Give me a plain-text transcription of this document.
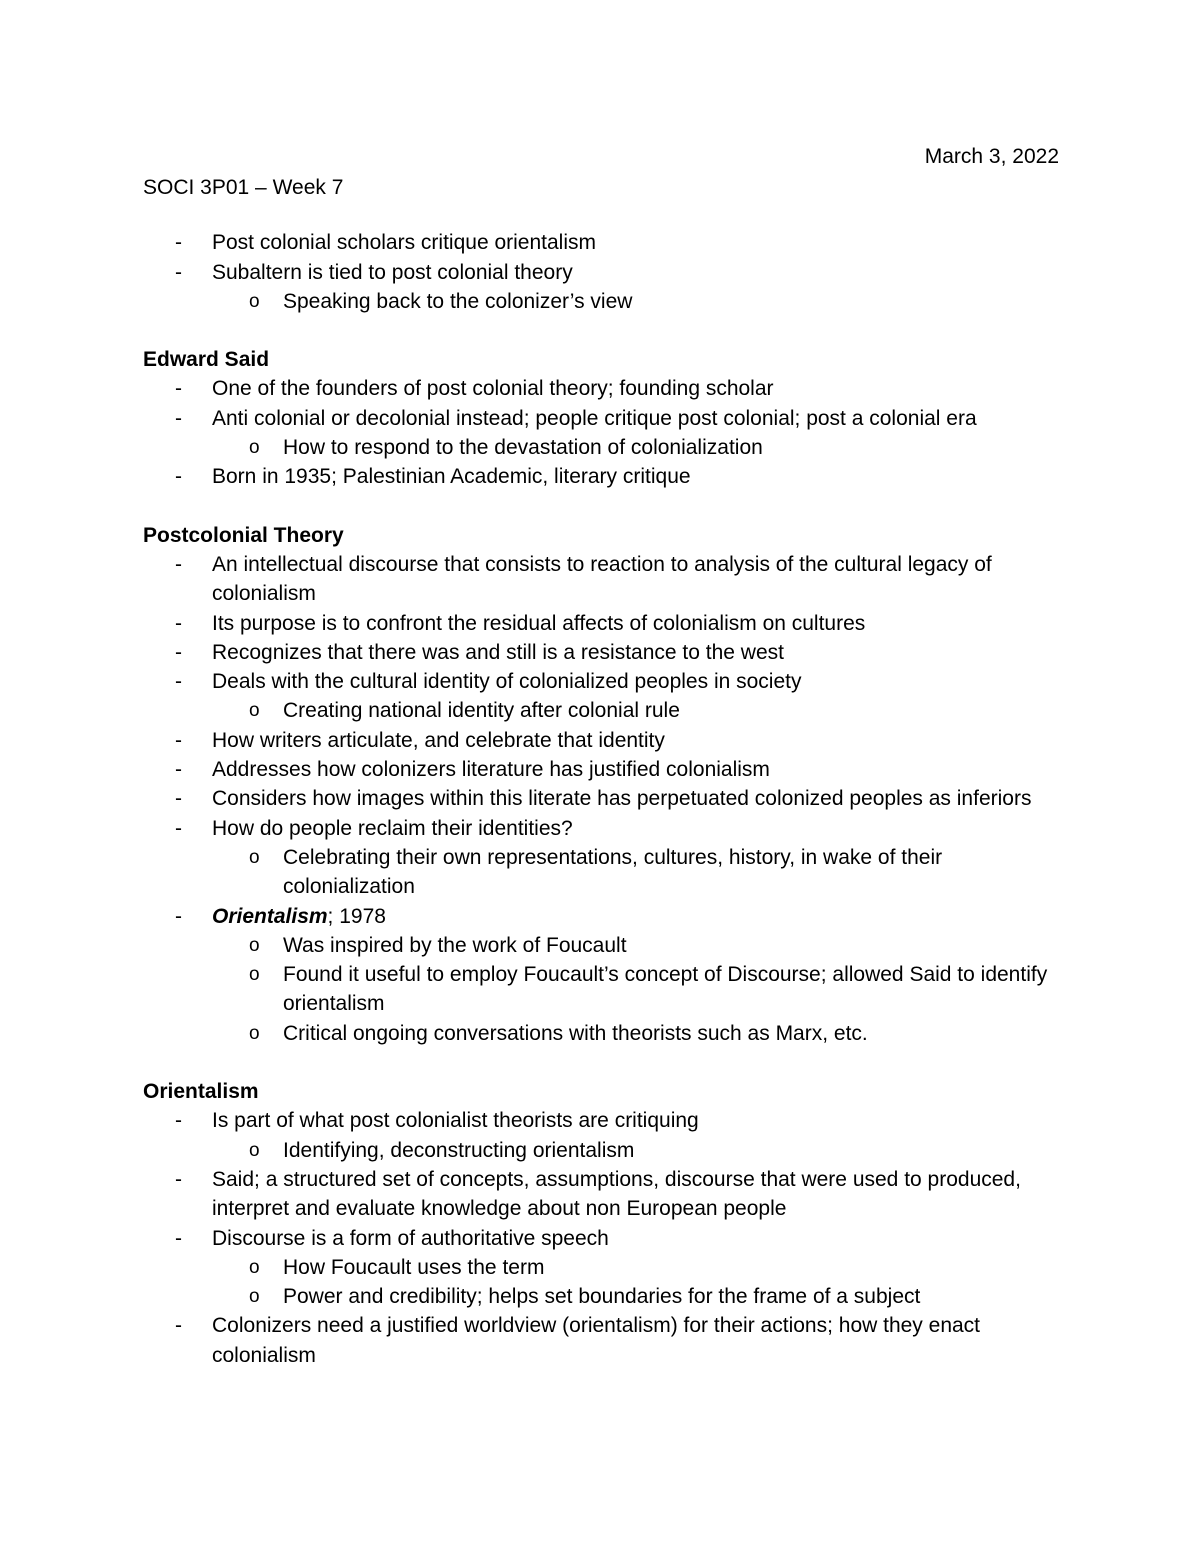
March 3, 2022

SOCI 3P01 – Week 7

- Post colonial scholars critique orientalism
- Subaltern is tied to post colonial theory
o Speaking back to the colonizer’s view

Edward Said

- One of the founders of post colonial theory; founding scholar
- Anti colonial or decolonial instead; people critique post colonial; post a colonial era
o How to respond to the devastation of colonialization
- Born in 1935; Palestinian Academic, literary critique

Postcolonial Theory

- An intellectual discourse that consists to reaction to analysis of the cultural legacy of colonialism
- Its purpose is to confront the residual affects of colonialism on cultures
- Recognizes that there was and still is a resistance to the west
- Deals with the cultural identity of colonialized peoples in society
o Creating national identity after colonial rule
- How writers articulate, and celebrate that identity
- Addresses how colonizers literature has justified colonialism
- Considers how images within this literate has perpetuated colonized peoples as inferiors
- How do people reclaim their identities?
o Celebrating their own representations, cultures, history, in wake of their colonialization
- Orientalism; 1978
o Was inspired by the work of Foucault
o Found it useful to employ Foucault’s concept of Discourse; allowed Said to identify orientalism
o Critical ongoing conversations with theorists such as Marx, etc.

Orientalism

- Is part of what post colonialist theorists are critiquing
o Identifying, deconstructing orientalism
- Said; a structured set of concepts, assumptions, discourse that were used to produced, interpret and evaluate knowledge about non European people
- Discourse is a form of authoritative speech
o How Foucault uses the term
o Power and credibility; helps set boundaries for the frame of a subject
- Colonizers need a justified worldview (orientalism) for their actions; how they enact colonialism
